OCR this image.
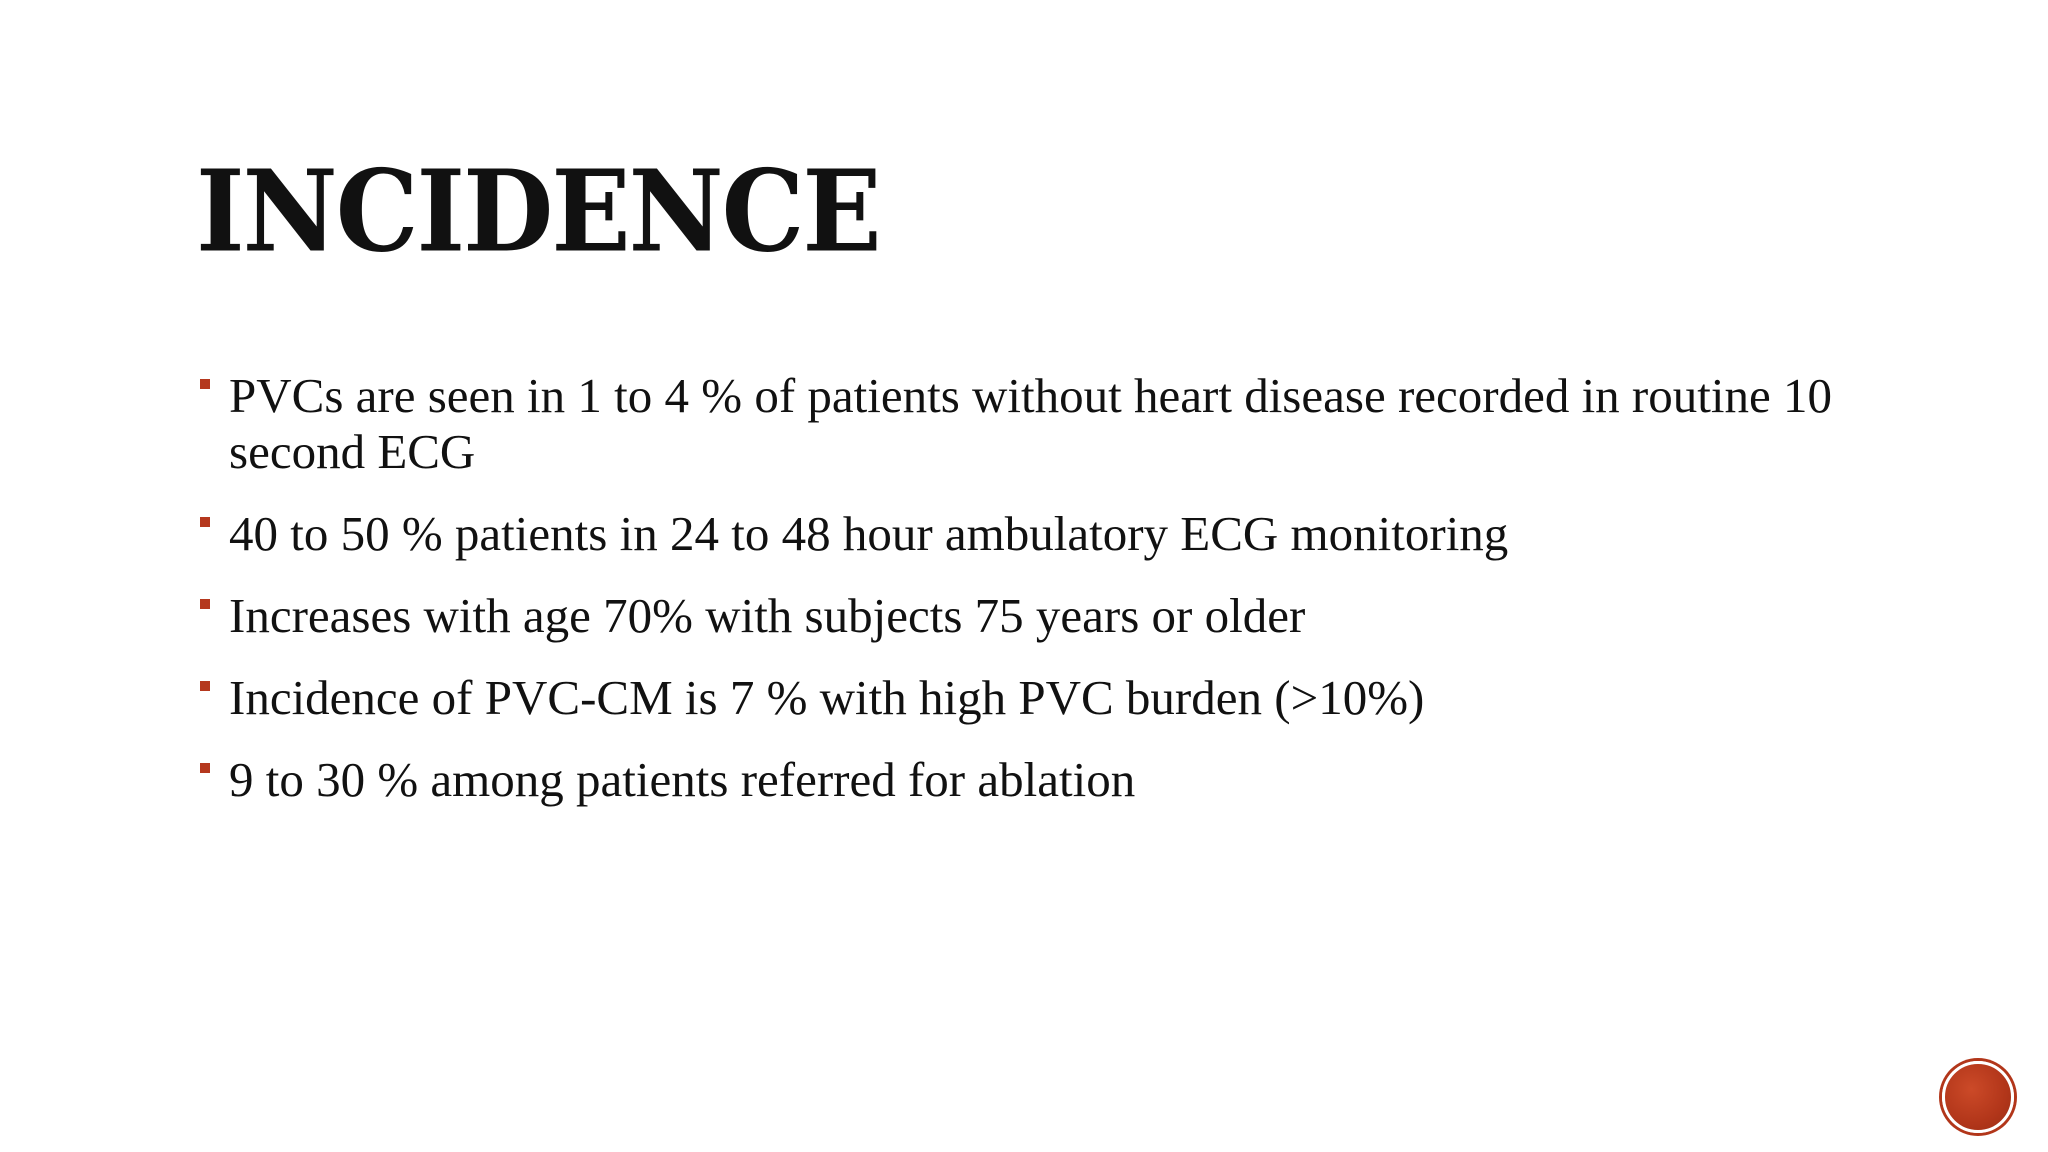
INCIDENCE
PVCs are seen in 1 to 4 % of patients without heart disease recorded in routine 10 second ECG
40 to 50 % patients in 24 to 48 hour ambulatory ECG monitoring
Increases with age 70% with subjects 75 years or older
Incidence of PVC-CM is 7 % with high PVC burden (>10%)
9 to 30 % among patients referred for ablation
